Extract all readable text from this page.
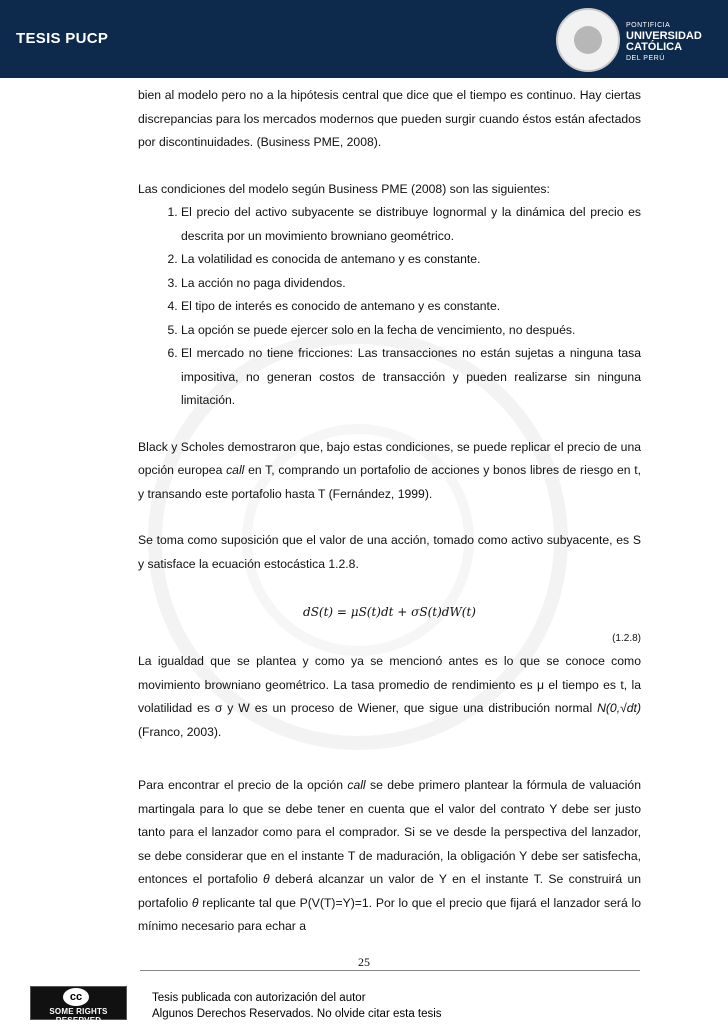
TESIS PUCP
PONTIFICIA
UNIVERSIDAD
CATÓLICA
DEL PERÚ

bien al modelo pero no a la hipótesis central que dice que el tiempo es continuo. Hay ciertas discrepancias para los mercados modernos que pueden surgir cuando éstos están afectados por discontinuidades. (Business PME, 2008).

Las condiciones del modelo según Business PME (2008) son las siguientes:

1. El precio del activo subyacente se distribuye lognormal y la dinámica del precio es descrita por un movimiento browniano geométrico.
2. La volatilidad es conocida de antemano y es constante.
3. La acción no paga dividendos.
4. El tipo de interés es conocido de antemano y es constante.
5. La opción se puede ejercer solo en la fecha de vencimiento, no después.
6. El mercado no tiene fricciones: Las transacciones no están sujetas a ninguna tasa impositiva, no generan costos de transacción y pueden realizarse sin ninguna limitación.

Black y Scholes demostraron que, bajo estas condiciones, se puede replicar el precio de una opción europea call en T, comprando un portafolio de acciones y bonos libres de riesgo en t, y transando este portafolio hasta T (Fernández, 1999).

Se toma como suposición que el valor de una acción, tomado como activo subyacente, es S y satisface la ecuación estocástica 1.2.8.

dS(t) = μS(t)dt + σS(t)dW(t)
(1.2.8)

La igualdad que se plantea y como ya se mencionó antes es lo que se conoce como movimiento browniano geométrico. La tasa promedio de rendimiento es μ el tiempo es t, la volatilidad es σ y W es un proceso de Wiener, que sigue una distribución normal N(0,√dt) (Franco, 2003).

Para encontrar el precio de la opción call se debe primero plantear la fórmula de valuación martingala para lo que se debe tener en cuenta que el valor del contrato Y debe ser justo tanto para el lanzador como para el comprador. Si se ve desde la perspectiva del lanzador, se debe considerar que en el instante T de maduración, la obligación Y debe ser satisfecha, entonces el portafolio θ deberá alcanzar un valor de Y en el instante T. Se construirá un portafolio θ replicante tal que P(V(T)=Y)=1. Por lo que el precio que fijará el lanzador será lo mínimo necesario para echar a

25
cc
SOME RIGHTS RESERVED
Tesis publicada con autorización del autor
Algunos Derechos Reservados. No olvide citar esta tesis
